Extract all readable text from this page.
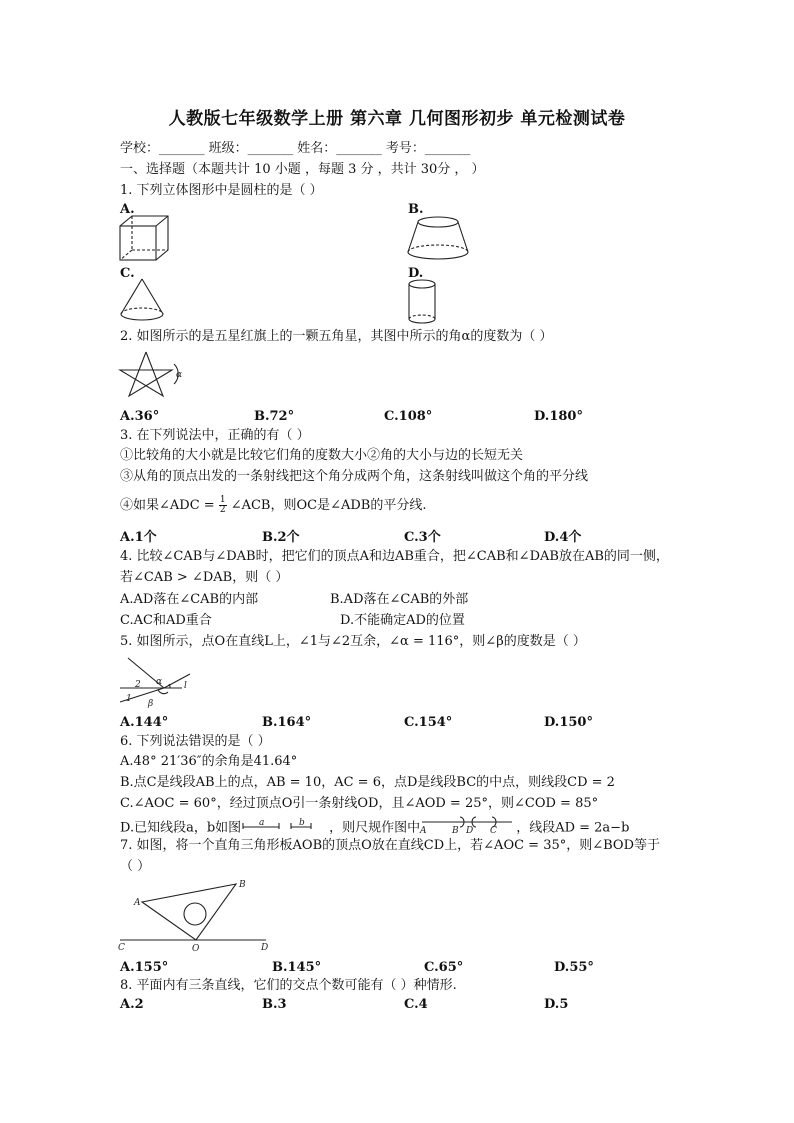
人教版七年级数学上册 第六章 几何图形初步 单元检测试卷
学校：_______ 班级：_______ 姓名：_______ 考号：_______
一、选择题（本题共计 10 小题 ，每题 3 分 ，共计 30分 ， ）
1. 下列立体图形中是圆柱的是（ ）
A.	B.
C.	D.
2. 如图所示的是五星红旗上的一颗五角星，其图中所示的角α的度数为（ ）
α
A.36°	B.72°	C.108°	D.180°
3. 在下列说法中，正确的有（ ）
①比较角的大小就是比较它们角的度数大小②角的大小与边的长短无关
③从角的顶点出发的一条射线把这个角分成两个角，这条射线叫做这个角的平分线
④如果∠ADC = $\frac{1}{2}$ ∠ACB，则OC是∠ADB的平分线.
A.1个	B.2个	C.3个	D.4个
4. 比较∠CAB与∠DAB时，把它们的顶点A和边AB重合，把∠CAB和∠DAB放在AB的同一侧，
若∠CAB > ∠DAB，则（ ）
A.AD落在∠CAB的内部	B.AD落在∠CAB的外部
C.AC和AD重合	D.不能确定AD的位置
5. 如图所示，点O在直线L上，∠1与∠2互余，∠α = 116°，则∠β的度数是（ ）
l
1
2 α
β
A.144°	B.164°	C.154°	D.150°
6. 下列说法错误的是（ ）
A.48° 21′36″的余角是41.64°
B.点C是线段AB上的点，AB = 10，AC = 6，点D是线段BC的中点，则线段CD = 2
C.∠AOC = 60°，经过顶点O引一条射线OD，且∠AOD = 25°，则∠COD = 85°
D.已知线段a，b如图 a	b ，则尺规作图中 A	B D C ，线段AD = 2a−b
7. 如图，将一个直角三角形板AOB的顶点O放在直线CD上，若∠AOC = 35°，则∠BOD等于
（ ）
A
B
C	O	D
A.155°	B.145°	C.65°	D.55°
8. 平面内有三条直线，它们的交点个数可能有（ ）种情形.
A.2	B.3	C.4	D.5
